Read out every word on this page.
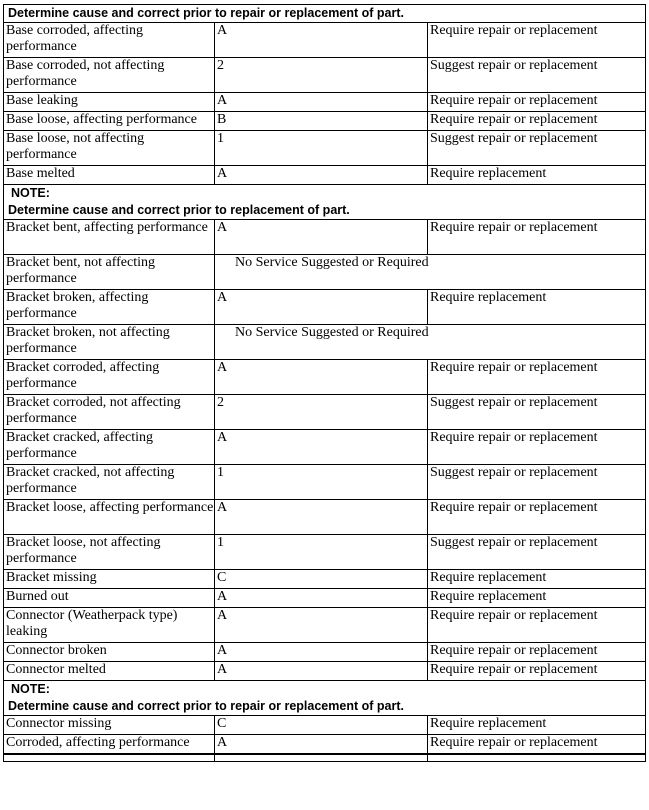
Determine cause and correct prior to repair or replacement of part.		

Base corroded, affecting performance	A	Require repair or replacement
Base corroded, not affecting performance	2	Suggest repair or replacement
Base leaking	A	Require repair or replacement
Base loose, affecting performance	B	Require repair or replacement
Base loose, not affecting performance	1	Suggest repair or replacement
Base melted	A	Require replacement

NOTE:
Determine cause and correct prior to replacement of part.		

Bracket bent, affecting performance	A	Require repair or replacement
Bracket bent, not affecting performance	No Service Suggested or Required	
Bracket broken, affecting performance	A	Require replacement
Bracket broken, not affecting performance	No Service Suggested or Required	
Bracket corroded, affecting performance	A	Require repair or replacement
Bracket corroded, not affecting performance	2	Suggest repair or replacement
Bracket cracked, affecting performance	A	Require repair or replacement
Bracket cracked, not affecting performance	1	Suggest repair or replacement
Bracket loose, affecting performance	A	Require repair or replacement
Bracket loose, not affecting performance	1	Suggest repair or replacement
Bracket missing	C	Require replacement
Burned out	A	Require replacement
Connector (Weatherpack type) leaking	A	Require repair or replacement
Connector broken	A	Require repair or replacement
Connector melted	A	Require repair or replacement

NOTE:
Determine cause and correct prior to repair or replacement of part.		

Connector missing	C	Require replacement
Corroded, affecting performance	A	Require repair or replacement
